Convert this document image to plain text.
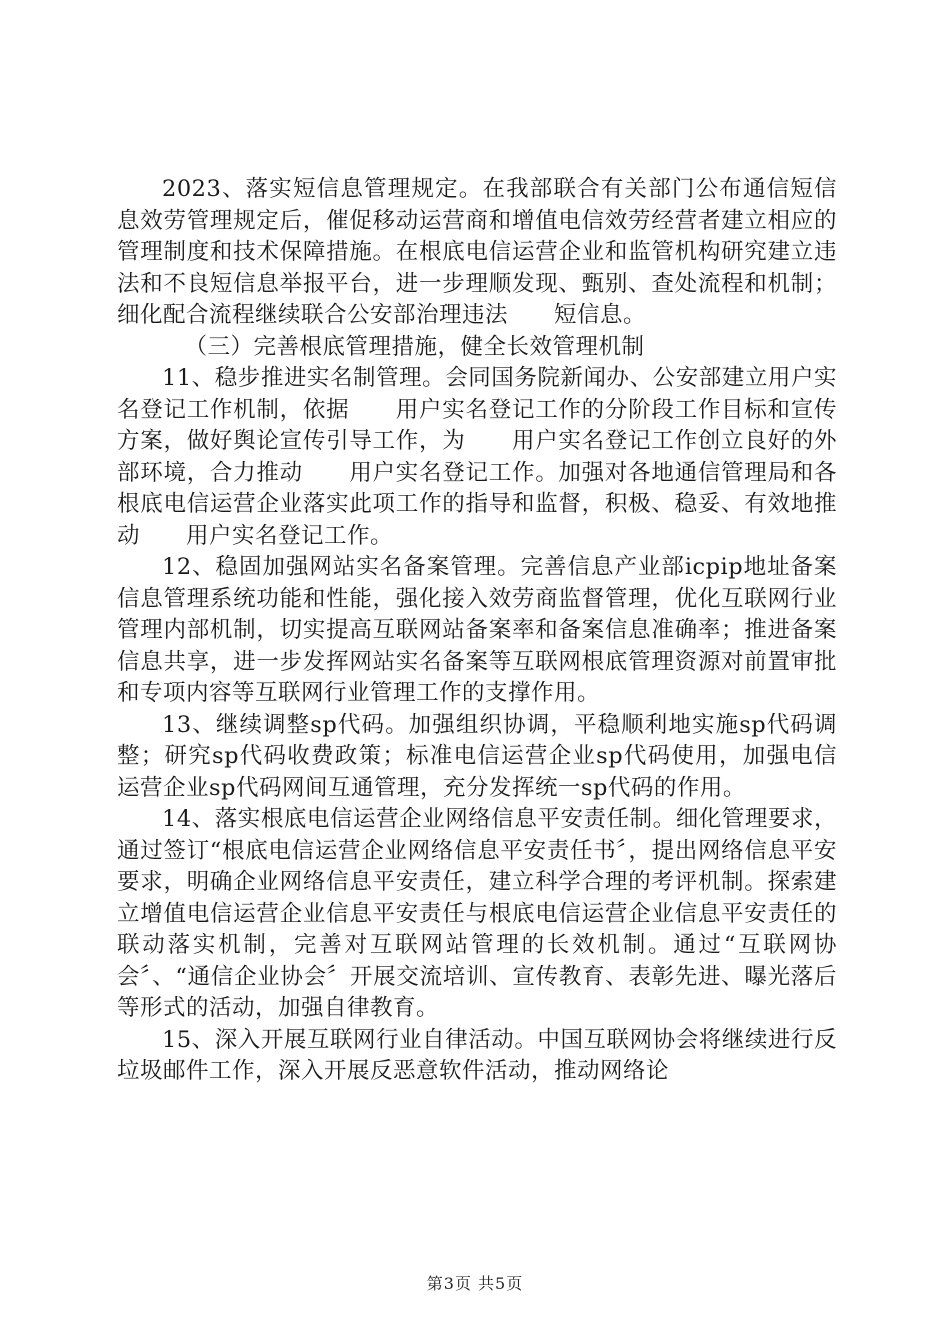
2023、落实短信息管理规定。在我部联合有关部门公布通信短信息效劳管理规定后，催促移动运营商和增值电信效劳经营者建立相应的管理制度和技术保障措施。在根底电信运营企业和监管机构研究建立违法和不良短信息举报平台，进一步理顺发现、甄别、查处流程和机制；细化配合流程继续联合公安部治理违法　　短信息。

（三）完善根底管理措施，健全长效管理机制

11、稳步推进实名制管理。会同国务院新闻办、公安部建立用户实名登记工作机制，依据　　用户实名登记工作的分阶段工作目标和宣传方案，做好舆论宣传引导工作，为　　用户实名登记工作创立良好的外部环境，合力推动　　用户实名登记工作。加强对各地通信管理局和各根底电信运营企业落实此项工作的指导和监督，积极、稳妥、有效地推动　　用户实名登记工作。

12、稳固加强网站实名备案管理。完善信息产业部icpip地址备案信息管理系统功能和性能，强化接入效劳商监督管理，优化互联网行业管理内部机制，切实提高互联网站备案率和备案信息准确率；推进备案信息共享，进一步发挥网站实名备案等互联网根底管理资源对前置审批和专项内容等互联网行业管理工作的支撑作用。

13、继续调整sp代码。加强组织协调，平稳顺利地实施sp代码调整；研究sp代码收费政策；标准电信运营企业sp代码使用，加强电信运营企业sp代码网间互通管理，充分发挥统一sp代码的作用。

14、落实根底电信运营企业网络信息平安责任制。细化管理要求，通过签订“根底电信运营企业网络信息平安责任书〞，提出网络信息平安要求，明确企业网络信息平安责任，建立科学合理的考评机制。探索建立增值电信运营企业信息平安责任与根底电信运营企业信息平安责任的联动落实机制，完善对互联网站管理的长效机制。通过“互联网协会〞、“通信企业协会〞开展交流培训、宣传教育、表彰先进、曝光落后等形式的活动，加强自律教育。

15、深入开展互联网行业自律活动。中国互联网协会将继续进行反垃圾邮件工作，深入开展反恶意软件活动，推动网络论

第3页 共5页
